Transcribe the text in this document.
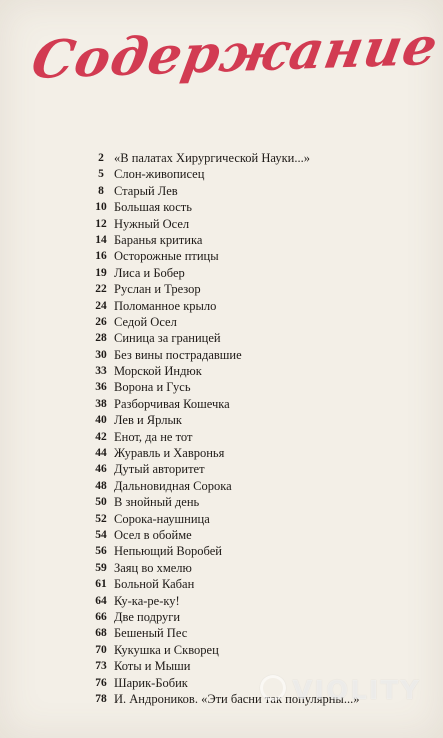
Содержание
2 «В палатах Хирургической Науки...»
5 Слон-живописец
8 Старый Лев
10 Большая кость
12 Нужный Осел
14 Баранья критика
16 Осторожные птицы
19 Лиса и Бобер
22 Руслан и Трезор
24 Поломанное крыло
26 Седой Осел
28 Синица за границей
30 Без вины пострадавшие
33 Морской Индюк
36 Ворона и Гусь
38 Разборчивая Кошечка
40 Лев и Ярлык
42 Енот, да не тот
44 Журавль и Хавронья
46 Дутый авторитет
48 Дальновидная Сорока
50 В знойный день
52 Сорока-наушница
54 Осел в обойме
56 Непьющий Воробей
59 Заяц во хмелю
61 Больной Кабан
64 Ку-ка-ре-ку!
66 Две подруги
68 Бешеный Пес
70 Кукушка и Скворец
73 Коты и Мыши
76 Шарик-Бобик
78 И. Андроников. «Эти басни так популярны...»
VIOLITY
